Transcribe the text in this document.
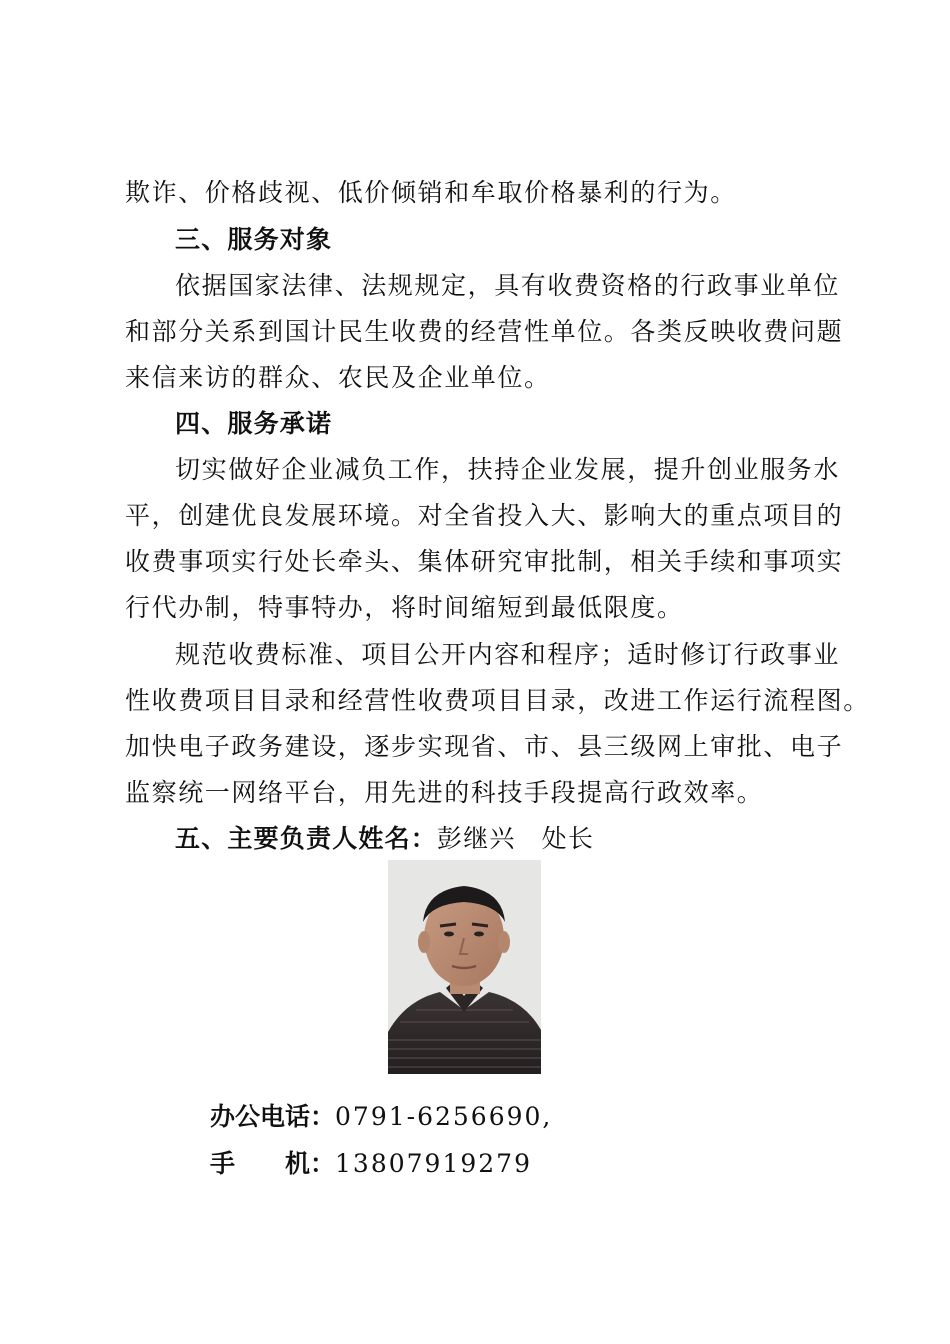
欺诈、价格歧视、低价倾销和牟取价格暴利的行为。
三、服务对象
依据国家法律、法规规定，具有收费资格的行政事业单位
和部分关系到国计民生收费的经营性单位。各类反映收费问题
来信来访的群众、农民及企业单位。
四、服务承诺
切实做好企业减负工作，扶持企业发展，提升创业服务水
平，创建优良发展环境。对全省投入大、影响大的重点项目的
收费事项实行处长牵头、集体研究审批制，相关手续和事项实
行代办制，特事特办，将时间缩短到最低限度。
规范收费标准、项目公开内容和程序；适时修订行政事业
性收费项目目录和经营性收费项目目录，改进工作运行流程图。
加快电子政务建设，逐步实现省、市、县三级网上审批、电子
监察统一网络平台，用先进的科技手段提高行政效率。
五、主要负责人姓名：彭继兴 处长
办公电话：0791-6256690,
手　　机：13807919279
